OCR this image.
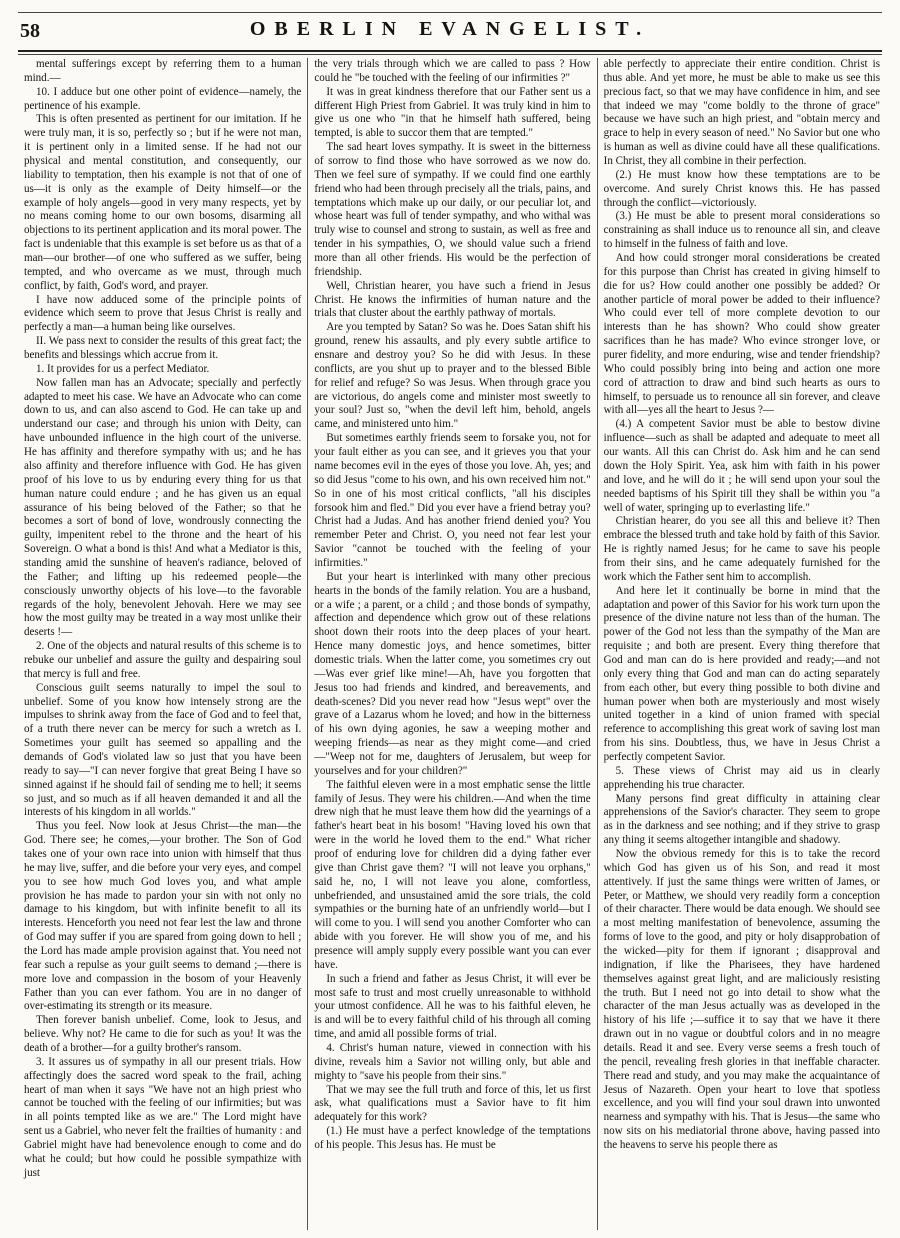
58	OBERLIN EVANGELIST.

mental sufferings except by referring them to a human mind.—

10. I adduce but one other point of evidence—namely, the pertinence of his example.

This is often presented as pertinent for our imitation. If he were truly man, it is so, perfectly so ; but if he were not man, it is pertinent only in a limited sense. If he had not our physical and mental constitution, and consequently, our liability to temptation, then his example is not that of one of us—it is only as the example of Deity himself—or the example of holy angels—good in very many respects, yet by no means coming home to our own bosoms, disarming all objections to its pertinent application and its moral power. The fact is undeniable that this example is set before us as that of a man—our brother—of one who suffered as we suffer, being tempted, and who overcame as we must, through much conflict, by faith, God's word, and prayer.

I have now adduced some of the principle points of evidence which seem to prove that Jesus Christ is really and perfectly a man—a human being like ourselves.

II. We pass next to consider the results of this great fact; the benefits and blessings which accrue from it.

1. It provides for us a perfect Mediator.

Now fallen man has an Advocate; specially and perfectly adapted to meet his case. We have an Advocate who can come down to us, and can also ascend to God. He can take up and understand our case; and through his union with Deity, can have unbounded influence in the high court of the universe. He has affinity and therefore sympathy with us; and he has also affinity and therefore influence with God. He has given proof of his love to us by enduring every thing for us that human nature could endure ; and he has given us an equal assurance of his being beloved of the Father; so that he becomes a sort of bond of love, wondrously connecting the guilty, impenitent rebel to the throne and the heart of his Sovereign. O what a bond is this! And what a Mediator is this, standing amid the sunshine of heaven's radiance, beloved of the Father; and lifting up his redeemed people—the consciously unworthy objects of his love—to the favorable regards of the holy, benevolent Jehovah. Here we may see how the most guilty may be treated in a way most unlike their deserts !—

2. One of the objects and natural results of this scheme is to rebuke our unbelief and assure the guilty and despairing soul that mercy is full and free.

Conscious guilt seems naturally to impel the soul to unbelief. Some of you know how intensely strong are the impulses to shrink away from the face of God and to feel that, of a truth there never can be mercy for such a wretch as I. Sometimes your guilt has seemed so appalling and the demands of God's violated law so just that you have been ready to say—"I can never forgive that great Being I have so sinned against if he should fail of sending me to hell; it seems so just, and so much as if all heaven demanded it and all the interests of his kingdom in all worlds."

Thus you feel. Now look at Jesus Christ—the man—the God. There see; he comes,—your brother. The Son of God takes one of your own race into union with himself that thus he may live, suffer, and die before your very eyes, and compel you to see how much God loves you, and what ample provision he has made to pardon your sin with not only no damage to his kingdom, but with infinite benefit to all its interests. Henceforth you need not fear lest the law and throne of God may suffer if you are spared from going down to hell ; the Lord has made ample provision against that. You need not fear such a repulse as your guilt seems to demand ;—there is more love and compassion in the bosom of your Heavenly Father than you can ever fathom. You are in no danger of over-estimating its strength or its measure.

Then forever banish unbelief. Come, look to Jesus, and believe. Why not? He came to die for such as you! It was the death of a brother—for a guilty brother's ransom.

3. It assures us of sympathy in all our present trials. How affectingly does the sacred word speak to the frail, aching heart of man when it says "We have not an high priest who cannot be touched with the feeling of our infirmities; but was in all points tempted like as we are." The Lord might have sent us a Gabriel, who never felt the frailties of humanity : and Gabriel might have had benevolence enough to come and do what he could; but how could he possible sympathize with just

the very trials through which we are called to pass ? How could he "be touched with the feeling of our infirmities ?"

It was in great kindness therefore that our Father sent us a different High Priest from Gabriel. It was truly kind in him to give us one who "in that he himself hath suffered, being tempted, is able to succor them that are tempted."

The sad heart loves sympathy. It is sweet in the bitterness of sorrow to find those who have sorrowed as we now do. Then we feel sure of sympathy. If we could find one earthly friend who had been through precisely all the trials, pains, and temptations which make up our daily, or our peculiar lot, and whose heart was full of tender sympathy, and who withal was truly wise to counsel and strong to sustain, as well as free and tender in his sympathies, O, we should value such a friend more than all other friends. His would be the perfection of friendship.

Well, Christian hearer, you have such a friend in Jesus Christ. He knows the infirmities of human nature and the trials that cluster about the earthly pathway of mortals.

Are you tempted by Satan? So was he. Does Satan shift his ground, renew his assaults, and ply every subtle artifice to ensnare and destroy you? So he did with Jesus. In these conflicts, are you shut up to prayer and to the blessed Bible for relief and refuge? So was Jesus. When through grace you are victorious, do angels come and minister most sweetly to your soul? Just so, "when the devil left him, behold, angels came, and ministered unto him."

But sometimes earthly friends seem to forsake you, not for your fault either as you can see, and it grieves you that your name becomes evil in the eyes of those you love. Ah, yes; and so did Jesus "come to his own, and his own received him not." So in one of his most critical conflicts, "all his disciples forsook him and fled." Did you ever have a friend betray you? Christ had a Judas. And has another friend denied you? You remember Peter and Christ. O, you need not fear lest your Savior "cannot be touched with the feeling of your infirmities."

But your heart is interlinked with many other precious hearts in the bonds of the family relation. You are a husband, or a wife ; a parent, or a child ; and those bonds of sympathy, affection and dependence which grow out of these relations shoot down their roots into the deep places of your heart. Hence many domestic joys, and hence sometimes, bitter domestic trials. When the latter come, you sometimes cry out—Was ever grief like mine!—Ah, have you forgotten that Jesus too had friends and kindred, and bereavements, and death-scenes? Did you never read how "Jesus wept" over the grave of a Lazarus whom he loved; and how in the bitterness of his own dying agonies, he saw a weeping mother and weeping friends—as near as they might come—and cried—"Weep not for me, daughters of Jerusalem, but weep for yourselves and for your children?"

The faithful eleven were in a most emphatic sense the little family of Jesus. They were his children.—And when the time drew nigh that he must leave them how did the yearnings of a father's heart beat in his bosom! "Having loved his own that were in the world he loved them to the end." What richer proof of enduring love for children did a dying father ever give than Christ gave them? "I will not leave you orphans," said he, no, I will not leave you alone, comfortless, unbefriended, and unsustained amid the sore trials, the cold sympathies or the burning hate of an unfriendly world—but I will come to you. I will send you another Comforter who can abide with you forever. He will show you of me, and his presence will amply supply every possible want you can ever have.

In such a friend and father as Jesus Christ, it will ever be most safe to trust and most cruelly unreasonable to withhold your utmost confidence. All he was to his faithful eleven, he is and will be to every faithful child of his through all coming time, and amid all possible forms of trial.

4. Christ's human nature, viewed in connection with his divine, reveals him a Savior not willing only, but able and mighty to "save his people from their sins."

That we may see the full truth and force of this, let us first ask, what qualifications must a Savior have to fit him adequately for this work?

(1.) He must have a perfect knowledge of the temptations of his people. This Jesus has. He must be

able perfectly to appreciate their entire condition. Christ is thus able. And yet more, he must be able to make us see this precious fact, so that we may have confidence in him, and see that indeed we may "come boldly to the throne of grace" because we have such an high priest, and "obtain mercy and grace to help in every season of need." No Savior but one who is human as well as divine could have all these qualifications. In Christ, they all combine in their perfection.

(2.) He must know how these temptations are to be overcome. And surely Christ knows this. He has passed through the conflict—victoriously.

(3.) He must be able to present moral considerations so constraining as shall induce us to renounce all sin, and cleave to himself in the fulness of faith and love.

And how could stronger moral considerations be created for this purpose than Christ has created in giving himself to die for us? How could another one possibly be added? Or another particle of moral power be added to their influence? Who could ever tell of more complete devotion to our interests than he has shown? Who could show greater sacrifices than he has made? Who evince stronger love, or purer fidelity, and more enduring, wise and tender friendship? Who could possibly bring into being and action one more cord of attraction to draw and bind such hearts as ours to himself, to persuade us to renounce all sin forever, and cleave with all—yes all the heart to Jesus ?—

(4.) A competent Savior must be able to bestow divine influence—such as shall be adapted and adequate to meet all our wants. All this can Christ do. Ask him and he can send down the Holy Spirit. Yea, ask him with faith in his power and love, and he will do it ; he will send upon your soul the needed baptisms of his Spirit till they shall be within you "a well of water, springing up to everlasting life."

Christian hearer, do you see all this and believe it? Then embrace the blessed truth and take hold by faith of this Savior. He is rightly named Jesus; for he came to save his people from their sins, and he came adequately furnished for the work which the Father sent him to accomplish.

And here let it continually be borne in mind that the adaptation and power of this Savior for his work turn upon the presence of the divine nature not less than of the human. The power of the God not less than the sympathy of the Man are requisite ; and both are present. Every thing therefore that God and man can do is here provided and ready;—and not only every thing that God and man can do acting separately from each other, but every thing possible to both divine and human power when both are mysteriously and most wisely united together in a kind of union framed with special reference to accomplishing this great work of saving lost man from his sins. Doubtless, thus, we have in Jesus Christ a perfectly competent Savior.

5. These views of Christ may aid us in clearly apprehending his true character.

Many persons find great difficulty in attaining clear apprehensions of the Savior's character. They seem to grope as in the darkness and see nothing; and if they strive to grasp any thing it seems altogether intangible and shadowy.

Now the obvious remedy for this is to take the record which God has given us of his Son, and read it most attentively. If just the same things were written of James, or Peter, or Matthew, we should very readily form a conception of their character. There would be data enough. We should see a most melting manifestation of benevolence, assuming the forms of love to the good, and pity or holy disapprobation of the wicked—pity for them if ignorant ; disapproval and indignation, if like the Pharisees, they have hardened themselves against great light, and are maliciously resisting the truth. But I need not go into detail to show what the character of the man Jesus actually was as developed in the history of his life ;—suffice it to say that we have it there drawn out in no vague or doubtful colors and in no meagre details. Read it and see. Every verse seems a fresh touch of the pencil, revealing fresh glories in that ineffable character. There read and study, and you may make the acquaintance of Jesus of Nazareth. Open your heart to love that spotless excellence, and you will find your soul drawn into unwonted nearness and sympathy with his. That is Jesus—the same who now sits on his mediatorial throne above, having passed into the heavens to serve his people there as
